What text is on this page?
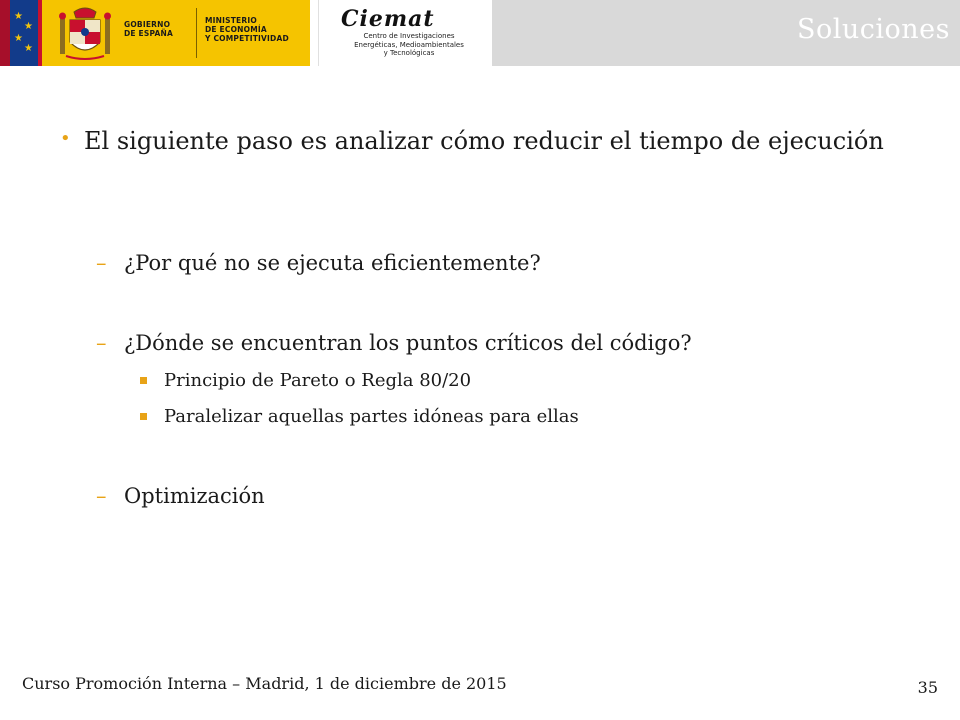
★
★
★
★
GOBIERNO
DE ESPAÑA
MINISTERIO
DE ECONOMÍA
Y COMPETITIVIDAD
Ciemat
Centro de Investigaciones
Energéticas, Medioambientales
y Tecnológicas
Soluciones
• El siguiente paso es analizar cómo reducir el tiempo de ejecución
– ¿Por qué no se ejecuta eficientemente?
– ¿Dónde se encuentran los puntos críticos del código?
Principio de Pareto o Regla 80/20
Paralelizar aquellas partes idóneas para ellas
– Optimización
Curso Promoción Interna – Madrid, 1 de diciembre de 2015	35
